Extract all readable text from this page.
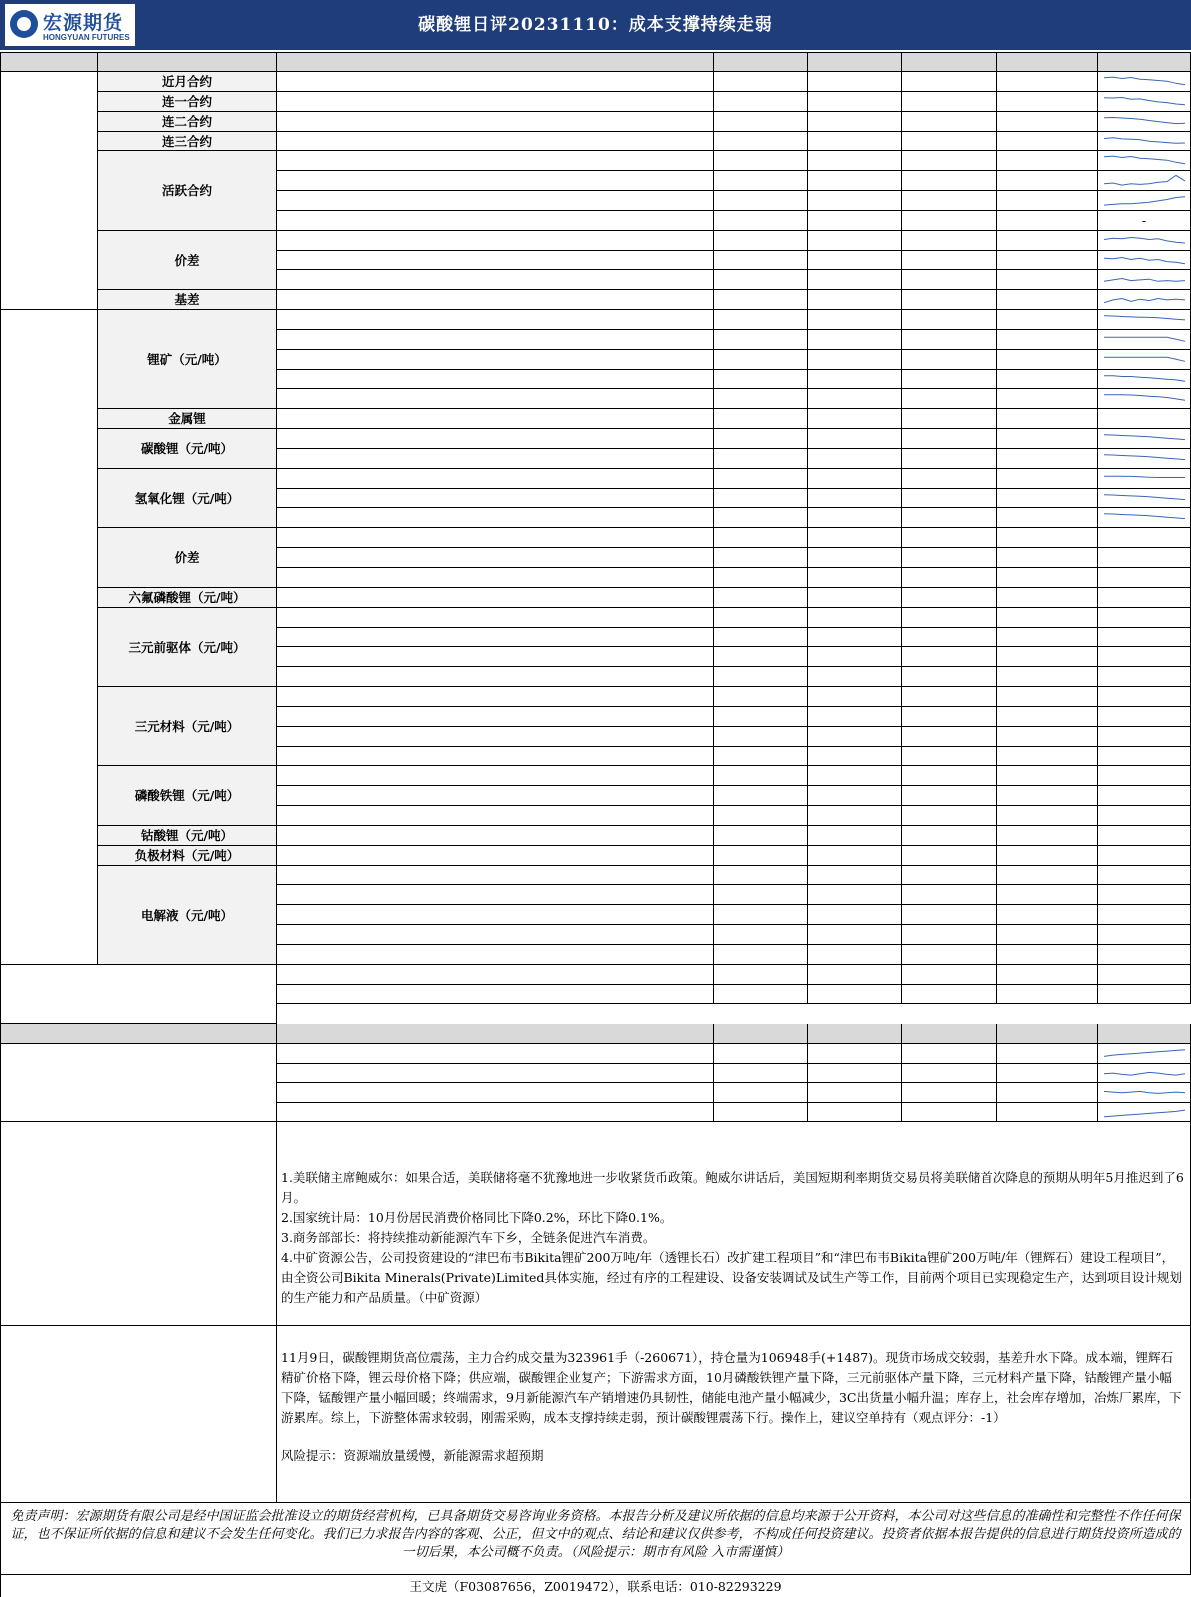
宏源期货
HONGYUAN FUTURES
碳酸锂日评20231110：成本支撑持续走弱
近月合约
连一合约
连二合约
连三合约
活跃合约
价差
基差
锂矿（元/吨）
金属锂
碳酸锂（元/吨）
氢氧化锂（元/吨）
价差
六氟磷酸锂（元/吨）
三元前驱体（元/吨）
三元材料（元/吨）
磷酸铁锂（元/吨）
钴酸锂（元/吨）
负极材料（元/吨）
电解液（元/吨）
-

1.美联储主席鲍威尔：如果合适，美联储将毫不犹豫地进一步收紧货币政策。鲍威尔讲话后，美国短期利率期货交易员将美联储首次降息的预期从明年5月推迟到了6月。

2.国家统计局：10月份居民消费价格同比下降0.2%，环比下降0.1%。

3.商务部部长：将持续推动新能源汽车下乡，全链条促进汽车消费。

4.中矿资源公告，公司投资建设的“津巴布韦Bikita锂矿200万吨/年（透锂长石）改扩建工程项目”和“津巴布韦Bikita锂矿200万吨/年（锂辉石）建设工程项目”，由全资公司Bikita Minerals(Private)Limited具体实施，经过有序的工程建设、设备安装调试及试生产等工作，目前两个项目已实现稳定生产，达到项目设计规划的生产能力和产品质量。（中矿资源）

11月9日，碳酸锂期货高位震荡，主力合约成交量为323961手（-260671），持仓量为106948手(+1487)。现货市场成交较弱，基差升水下降。成本端，锂辉石精矿价格下降，锂云母价格下降；供应端，碳酸锂企业复产；下游需求方面，10月磷酸铁锂产量下降，三元前驱体产量下降，三元材料产量下降，钴酸锂产量小幅下降，锰酸锂产量小幅回暖；终端需求，9月新能源汽车产销增速仍具韧性，储能电池产量小幅减少，3C出货量小幅升温；库存上，社会库存增加，冶炼厂累库，下游累库。综上，下游整体需求较弱，刚需采购，成本支撑持续走弱，预计碳酸锂震荡下行。操作上，建议空单持有（观点评分：-1）

风险提示：资源端放量缓慢，新能源需求超预期

免责声明：宏源期货有限公司是经中国证监会批准设立的期货经营机构，已具备期货交易咨询业务资格。本报告分析及建议所依据的信息均来源于公开资料，本公司对这些信息的准确性和完整性不作任何保证，也不保证所依据的信息和建议不会发生任何变化。我们已力求报告内容的客观、公正，但文中的观点、结论和建议仅供参考，不构成任何投资建议。投资者依据本报告提供的信息进行期货投资所造成的一切后果，本公司概不负责。（风险提示：期市有风险 入市需谨慎）
王文虎（F03087656，Z0019472），联系电话：010-82293229
